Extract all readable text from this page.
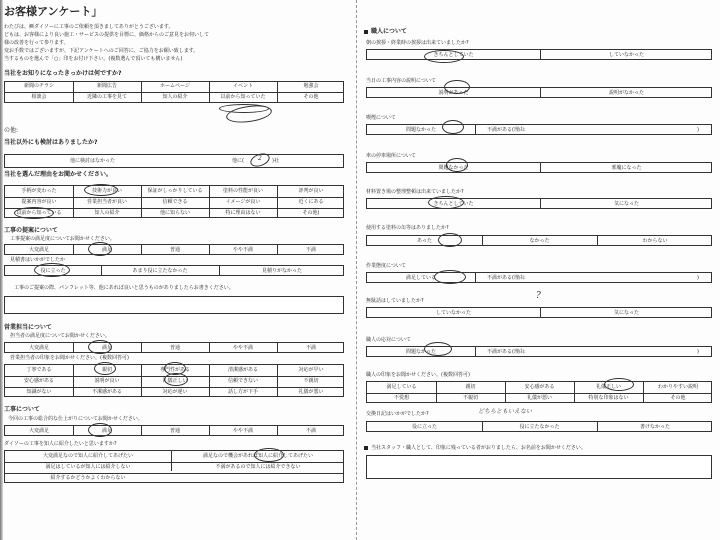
お客様アンケート」
わたびは、㈱ダイソーに工事のご依頼を頂きましてありがとうございます。
どもは、お客様により良い施工・サービスの提供を目標に、価格からのご意見をお伺いして
様の改善を行って参ります。
変お手数ではございますが、下記アンケートへのご回答に、ご協力をお願い致します。
当するものを選んで「○」印をお付け下さい。(複数選んで頂いても構いません)
当社をお知りになったきっかけは何ですか?
新聞のチラシ	新聞広告	ホームページ	イベント	勉強会
相談会	近隣の工事を見て	知人の紹介	以前から知っていた	その他
の他:
当社以外にも検討はありましたか?
他に検討はなかった	他に( 2 )社
当社を選んだ理由をお聞かせください。
手柄が変わった	技術力が良い	保証がしっかりしている	塗料の性能が良い	評判が良い
提案内容が良い	営業担当者が良い	信頼できる	イメージが良い	近くにある
以前から知っている	知人の紹介	他に知らない	特に理由はない	その他(
工事の提案について
工事提案の満足度についてお聞かせください。
大変満足	満足	普通	やや不満	不満
見積書はいかがでしたか
役に立った	あまり役に立たなかった	見積りがなかった
工事のご提案の際、パンフレット等、他にあれば良いと思うものがありましたらお書きください。
営業担当について
担当者の満足度についてお聞かせください。
大変満足	満足	普通	やや不満	不満
営業担当者の印象をお聞かせください。(複数回答可)
丁寧である	親切	専門性がある	清潔感がある	対応が早い
安心感がある	説明が良い	礼儀正しい	信頼できない	不親切
知識がない	不潔感がある	対応が遅い	話し方が下手	礼儀が悪い
工事について
今回の工事の総合的な仕上がりについてお聞かせください。
大変満足	満足	普通	やや不満	不満
ダイソーの工事を知人に紹介したいと思いますか?
大変満足なので知人に紹介してあげたい	満足なので機会があれば知人に紹介してあげたい
満足はしているが知人には紹介しない	不満があるので知人には紹介できない
紹介するかどうかよくわからない
職人について
朝の挨拶・終業時の挨拶は出来ていましたか?
きちんとしていた	していなかった
当日の工事内容の説明について
説明があった	説明がなかった
喫煙について
問題なかった	不満がある(理由:	)
車の停車場所について
問題なかった	邪魔になった
材料置き場の整理整頓は出来ていましたか?
きちんとしていた	気になった
使用する塗料の缶等はありましたか?
あった	なかった	わからない
作業態度について
満足している	不満がある(理由:	)
無駄話はしていましたか?	?
していなかった	気になった
職人の応対について
問題なかった	不満がある(理由:	)
職人の印象をお聞かせください。(複数回答可)
満足している	親切	安心感がある	礼儀正しい	わかりやすい説明
不愛想	不親切	礼儀が悪い	特別な印象はない	その他
交換日記はいかがでしたか?	どちらともいえない
役に立った	役に立たなかった	書けなかった
当社スタッフ・職人として、印象に残っている者がおりましたら、お名前をお聞かせください。
